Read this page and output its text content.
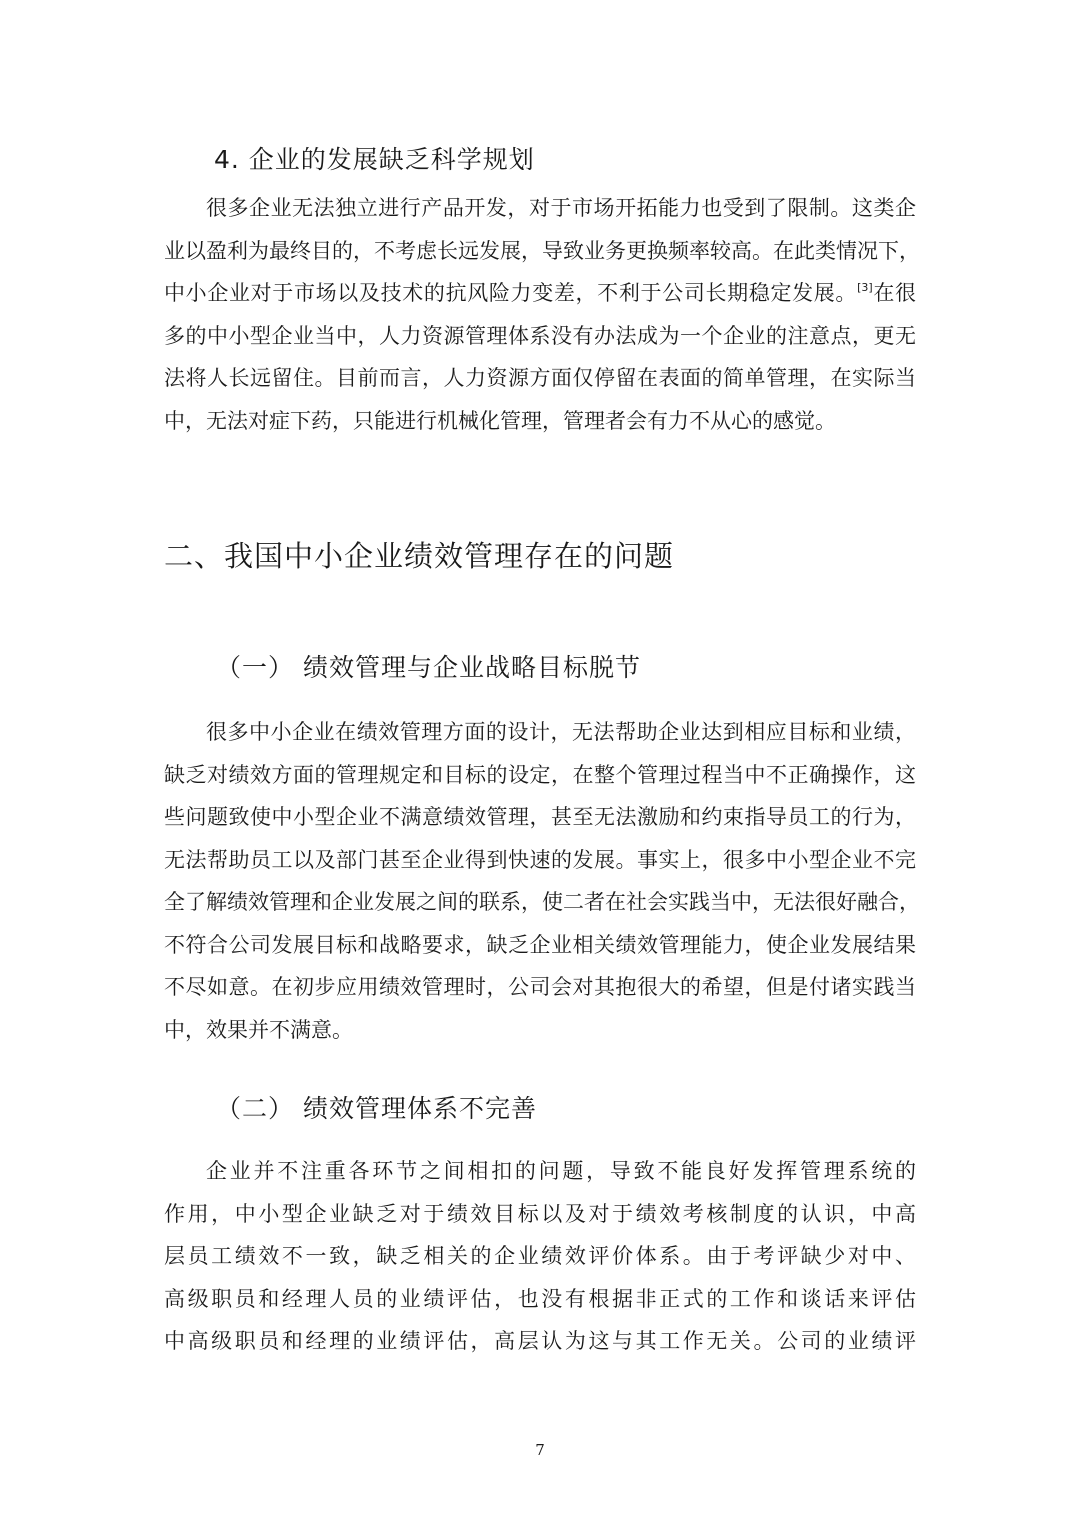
4. 企业的发展缺乏科学规划
很多企业无法独立进行产品开发，对于市场开拓能力也受到了限制。这类企
业以盈利为最终目的，不考虑长远发展，导致业务更换频率较高。在此类情况下，
中小企业对于市场以及技术的抗风险力变差，不利于公司长期稳定发展。[3]在很
多的中小型企业当中，人力资源管理体系没有办法成为一个企业的注意点，更无
法将人长远留住。目前而言，人力资源方面仅停留在表面的简单管理，在实际当
中，无法对症下药，只能进行机械化管理，管理者会有力不从心的感觉。
二、我国中小企业绩效管理存在的问题
（一） 绩效管理与企业战略目标脱节
很多中小企业在绩效管理方面的设计，无法帮助企业达到相应目标和业绩，
缺乏对绩效方面的管理规定和目标的设定，在整个管理过程当中不正确操作，这
些问题致使中小型企业不满意绩效管理，甚至无法激励和约束指导员工的行为，
无法帮助员工以及部门甚至企业得到快速的发展。事实上，很多中小型企业不完
全了解绩效管理和企业发展之间的联系，使二者在社会实践当中，无法很好融合，
不符合公司发展目标和战略要求，缺乏企业相关绩效管理能力，使企业发展结果
不尽如意。在初步应用绩效管理时，公司会对其抱很大的希望，但是付诸实践当
中，效果并不满意。
（二） 绩效管理体系不完善
企业并不注重各环节之间相扣的问题，导致不能良好发挥管理系统的
作用，中小型企业缺乏对于绩效目标以及对于绩效考核制度的认识，中高
层员工绩效不一致，缺乏相关的企业绩效评价体系。由于考评缺少对中、
高级职员和经理人员的业绩评估，也没有根据非正式的工作和谈话来评估
中高级职员和经理的业绩评估，高层认为这与其工作无关。公司的业绩评
7
